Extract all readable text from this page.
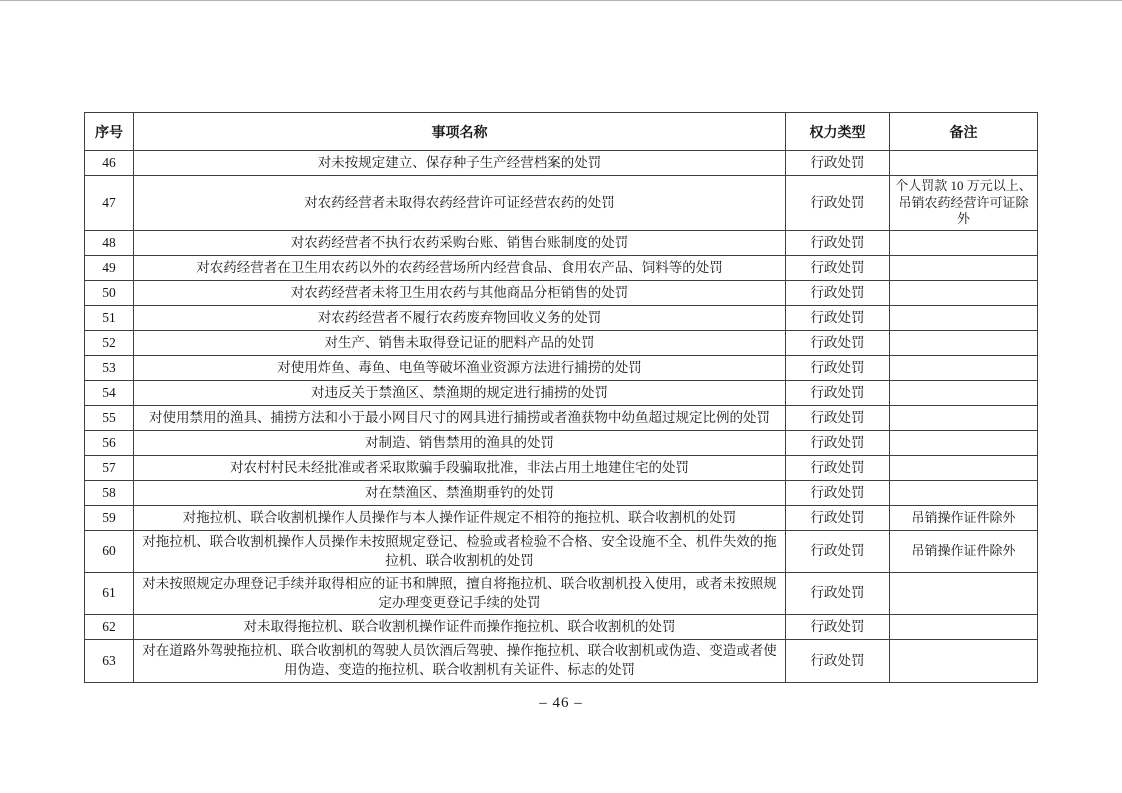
序号	事项名称	权力类型	备注
46	对未按规定建立、保存种子生产经营档案的处罚	行政处罚	
47	对农药经营者未取得农药经营许可证经营农药的处罚	行政处罚	个人罚款 10 万元以上、吊销农药经营许可证除外
48	对农药经营者不执行农药采购台账、销售台账制度的处罚	行政处罚	
49	对农药经营者在卫生用农药以外的农药经营场所内经营食品、食用农产品、饲料等的处罚	行政处罚	
50	对农药经营者未将卫生用农药与其他商品分柜销售的处罚	行政处罚	
51	对农药经营者不履行农药废弃物回收义务的处罚	行政处罚	
52	对生产、销售未取得登记证的肥料产品的处罚	行政处罚	
53	对使用炸鱼、毒鱼、电鱼等破坏渔业资源方法进行捕捞的处罚	行政处罚	
54	对违反关于禁渔区、禁渔期的规定进行捕捞的处罚	行政处罚	
55	对使用禁用的渔具、捕捞方法和小于最小网目尺寸的网具进行捕捞或者渔获物中幼鱼超过规定比例的处罚	行政处罚	
56	对制造、销售禁用的渔具的处罚	行政处罚	
57	对农村村民未经批准或者采取欺骗手段骗取批准，非法占用土地建住宅的处罚	行政处罚	
58	对在禁渔区、禁渔期垂钓的处罚	行政处罚	
59	对拖拉机、联合收割机操作人员操作与本人操作证件规定不相符的拖拉机、联合收割机的处罚	行政处罚	吊销操作证件除外
60	对拖拉机、联合收割机操作人员操作未按照规定登记、检验或者检验不合格、安全设施不全、机件失效的拖拉机、联合收割机的处罚	行政处罚	吊销操作证件除外
61	对未按照规定办理登记手续并取得相应的证书和牌照，擅自将拖拉机、联合收割机投入使用，或者未按照规定办理变更登记手续的处罚	行政处罚	
62	对未取得拖拉机、联合收割机操作证件而操作拖拉机、联合收割机的处罚	行政处罚	
63	对在道路外驾驶拖拉机、联合收割机的驾驶人员饮酒后驾驶、操作拖拉机、联合收割机或伪造、变造或者使用伪造、变造的拖拉机、联合收割机有关证件、标志的处罚	行政处罚	
– 46 –
